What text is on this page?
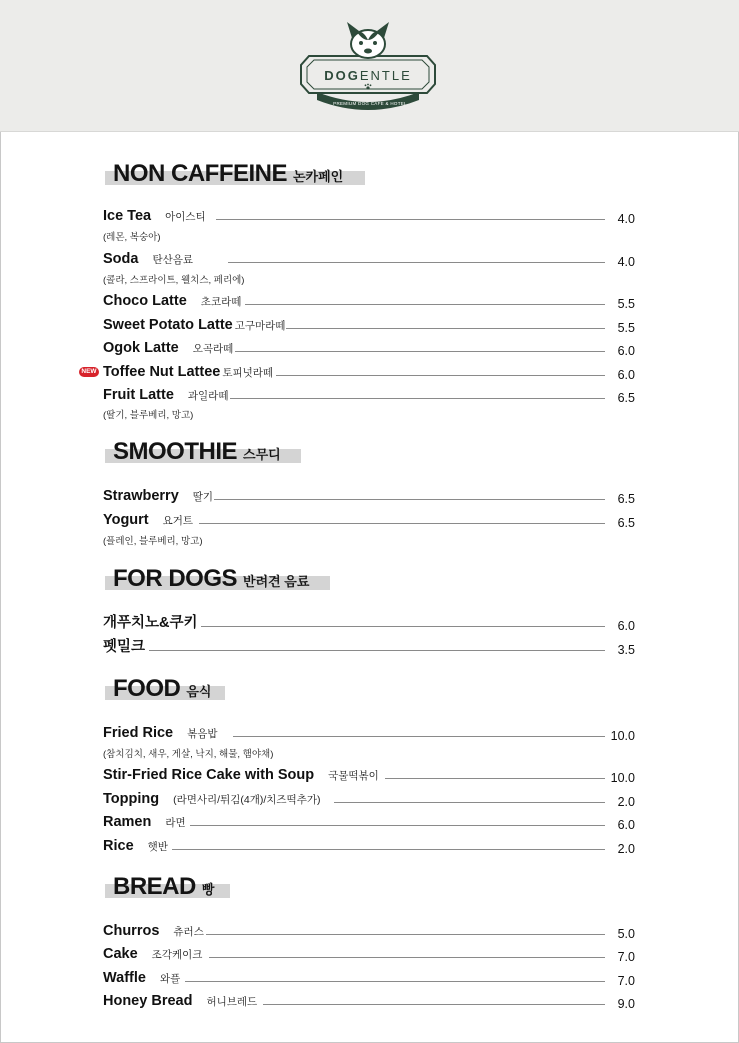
DOGENTLE
PREMIUM DOG CAFE & HOTEL
NON CAFFEINE 논카페인
Ice Tea 아이스티	4.0
(레몬, 복숭아)
Soda 탄산음료	4.0
(콜라, 스프라이트, 웰치스, 페리에)
Choco Latte 초코라떼	5.5
Sweet Potato Latte 고구마라떼	5.5
Ogok Latte 오곡라떼	6.0
NEW Toffee Nut Lattee 토피넛라떼	6.0
Fruit Latte 과일라떼	6.5
(딸기, 블루베리, 망고)
SMOOTHIE 스무디
Strawberry 딸기	6.5
Yogurt 요거트	6.5
(플레인, 블루베리, 망고)
FOR DOGS 반려견 음료
개푸치노&쿠키	6.0
펫밀크	3.5
FOOD 음식
Fried Rice 볶음밥	10.0
(참치김치, 새우, 게살, 낙지, 해물, 햄야채)
Stir-Fried Rice Cake with Soup 국물떡볶이	10.0
Topping (라면사리/튀김(4개)/치즈떡추가)	2.0
Ramen 라면	6.0
Rice 햇반	2.0
BREAD 빵
Churros 츄러스	5.0
Cake 조각케이크	7.0
Waffle 와플	7.0
Honey Bread 허니브레드	9.0
